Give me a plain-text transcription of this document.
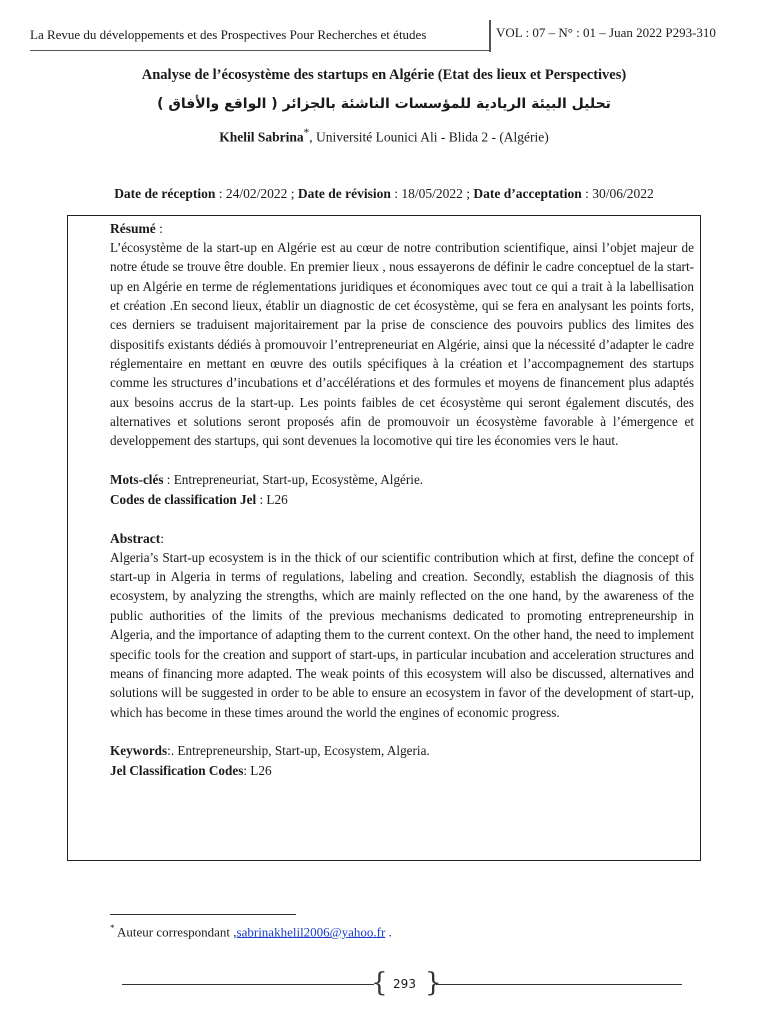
La Revue du développements et des Prospectives Pour Recherches et études	VOL : 07 – N° : 01 – Juan 2022 P293-310
Analyse de l’écosystème des startups en Algérie (Etat des lieux et Perspectives)
تحليل البيئة الريادية للمؤسسات الناشئة بالجزائر ( الواقع والأفاق )
Khelil Sabrina*, Université Lounici Ali - Blida 2 - (Algérie)
Date de réception : 24/02/2022 ; Date de révision : 18/05/2022 ; Date d’acceptation : 30/06/2022
Résumé :

L’écosystème de la start-up en Algérie est au cœur de notre contribution scientifique, ainsi l’objet majeur de notre étude se trouve être double. En premier lieux , nous essayerons de définir le cadre conceptuel de la start-up en Algérie en terme de réglementations juridiques et économiques avec tout ce qui a trait à la labellisation et création .En second lieux, établir un diagnostic de cet écosystème, qui se fera en analysant les points forts, ces derniers se traduisent majoritairement par la prise de conscience des pouvoirs publics des limites des dispositifs existants dédiés à promouvoir l’entrepreneuriat en Algérie, ainsi que la nécessité d’adapter le cadre réglementaire en mettant en œuvre des outils spécifiques à la création et l’accompagnement des startups comme les structures d’incubations et d’accélérations et des formules et moyens de financement plus adaptés aux besoins accrus de la start-up. Les points faibles de cet écosystème qui seront également discutés, des alternatives et solutions seront proposés afin de promouvoir un écosystème favorable à l’émergence et developpement des startups, qui sont devenues la locomotive qui tire les économies vers le haut.

Mots-clés : Entrepreneuriat, Start-up, Ecosystème, Algérie.
Codes de classification Jel : L26
Abstract:

Algeria’s Start-up ecosystem is in the thick of our scientific contribution which at first, define the concept of start-up in Algeria in terms of regulations, labeling and creation. Secondly, establish the diagnosis of this ecosystem, by analyzing the strengths, which are mainly reflected on the one hand, by the awareness of the public authorities of the limits of the previous mechanisms dedicated to promoting entrepreneurship in Algeria, and the importance of adapting them to the current context. On the other hand, the need to implement specific tools for the creation and support of start-ups, in particular incubation and acceleration structures and means of financing more adapted. The weak points of this ecosystem will also be discussed, alternatives and solutions will be suggested in order to be able to ensure an ecosystem in favor of the development of start-up, which has become in these times around the world the engines of economic progress.

Keywords:. Entrepreneurship, Start-up, Ecosystem, Algeria.
Jel Classification Codes: L26
* Auteur correspondant ,sabrinakhelil2006@yahoo.fr .
{ 293 }
